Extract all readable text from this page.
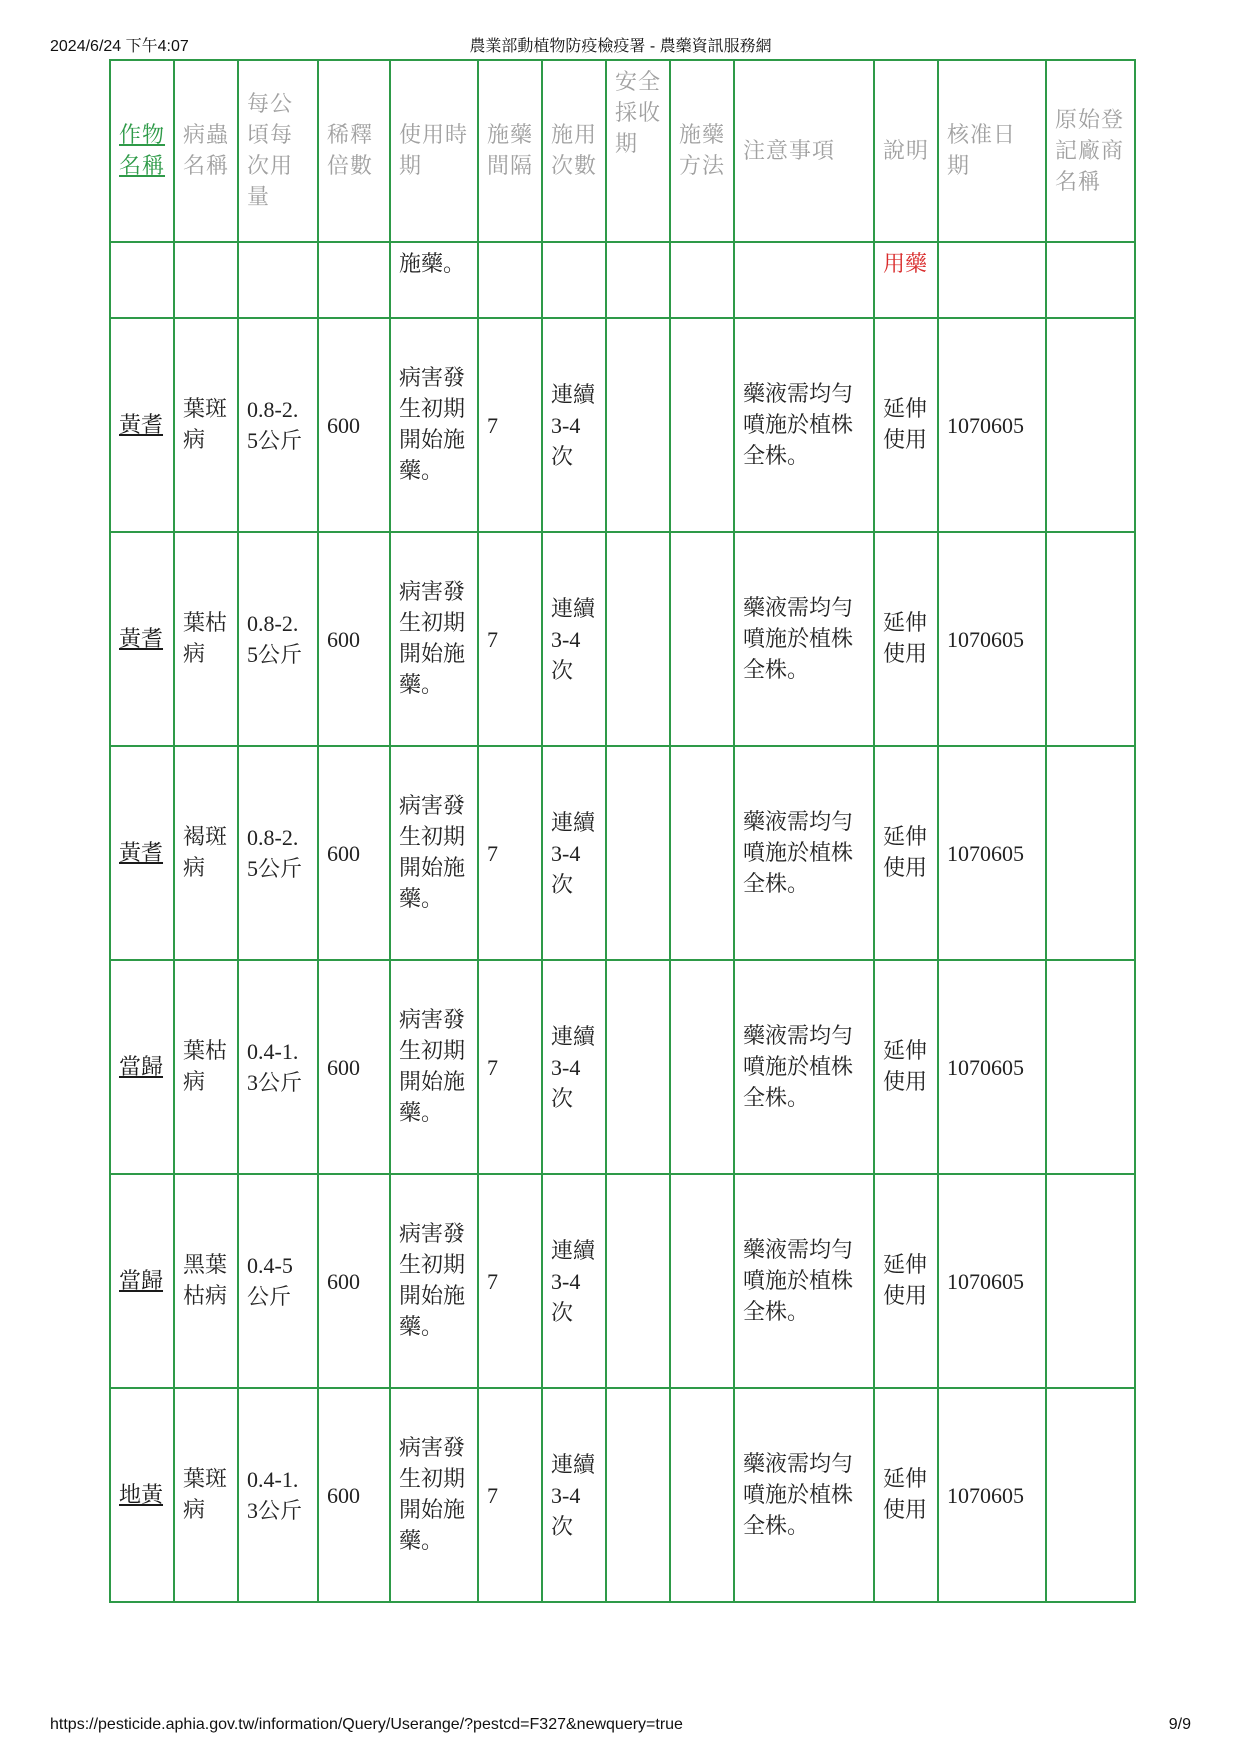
2024/6/24 下午4:07	農業部動植物防疫檢疫署 - 農藥資訊服務網
作物名稱	病蟲名稱	每公頃每次用量	稀釋倍數	使用時期	施藥間隔	施用次數	安全採收期	施藥方法	注意事項	說明	核准日期	原始登記廠商名稱
				施藥。						用藥		
黃耆	葉斑病	0.8-2.5公斤	600	病害發生初期開始施藥。	7	連續3-4次			藥液需均勻噴施於植株全株。	延伸使用	1070605	
黃耆	葉枯病	0.8-2.5公斤	600	病害發生初期開始施藥。	7	連續3-4次			藥液需均勻噴施於植株全株。	延伸使用	1070605	
黃耆	褐斑病	0.8-2.5公斤	600	病害發生初期開始施藥。	7	連續3-4次			藥液需均勻噴施於植株全株。	延伸使用	1070605	
當歸	葉枯病	0.4-1.3公斤	600	病害發生初期開始施藥。	7	連續3-4次			藥液需均勻噴施於植株全株。	延伸使用	1070605	
當歸	黑葉枯病	0.4-5公斤	600	病害發生初期開始施藥。	7	連續3-4次			藥液需均勻噴施於植株全株。	延伸使用	1070605	
地黃	葉斑病	0.4-1.3公斤	600	病害發生初期開始施藥。	7	連續3-4次			藥液需均勻噴施於植株全株。	延伸使用	1070605	
https://pesticide.aphia.gov.tw/information/Query/Userange/?pestcd=F327&newquery=true	9/9
